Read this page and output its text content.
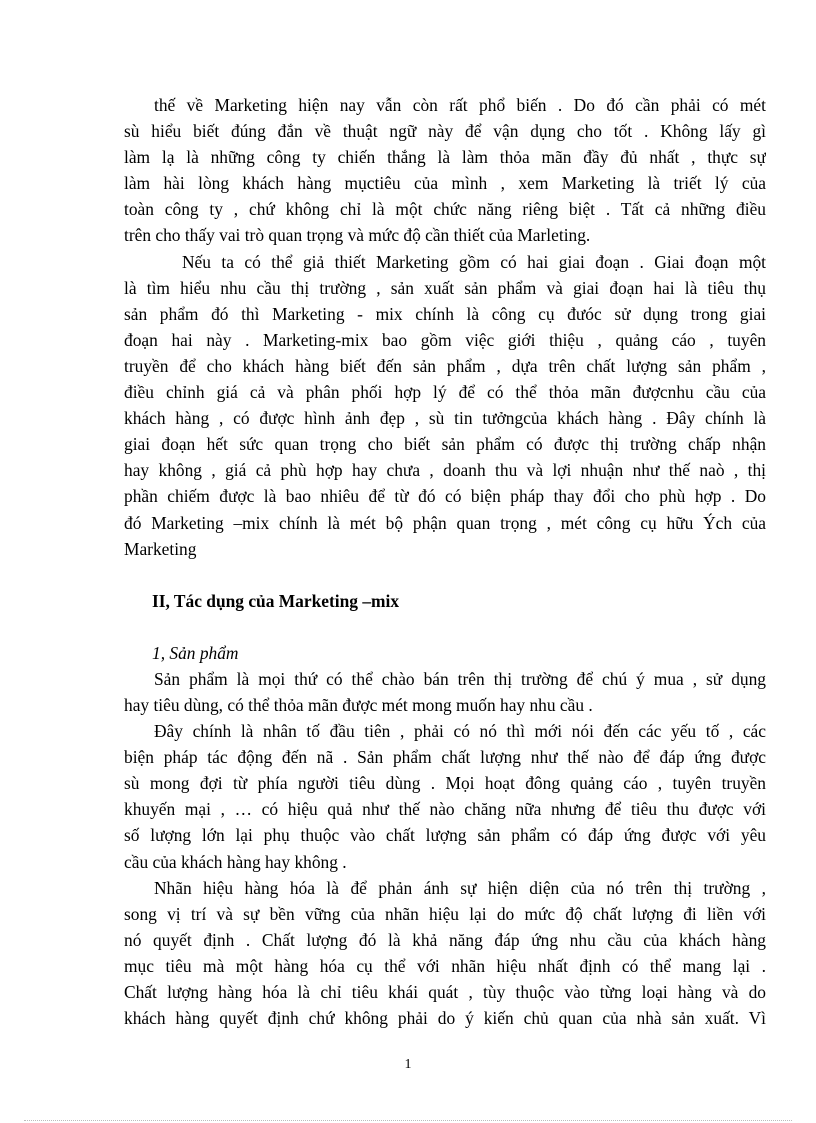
thế về Marketing hiện nay vẫn còn rất phổ biến . Do đó cần phải có mét
sù hiểu biết đúng đắn về thuật ngữ này để vận dụng cho tốt . Không lấy gì
làm lạ là những công ty chiến thắng là làm thỏa mãn đầy đủ nhất , thực sự
làm hài lòng khách hàng mụctiêu của mình , xem Marketing là triết lý của
toàn công ty , chứ không chỉ là một chức năng riêng biệt . Tất cả những điều
trên cho thấy vai trò quan trọng và mức độ cần thiết của Marleting.
Nếu ta có thể giả thiết Marketing gồm có hai giai đoạn . Giai đoạn một
là tìm hiểu nhu cầu thị trường , sản xuất sản phẩm và giai đoạn hai là tiêu thụ
sản phẩm đó thì Marketing - mix chính là công cụ đưóc sử dụng trong giai
đoạn hai này . Marketing-mix bao gồm việc giới thiệu , quảng cáo , tuyên
truyền để cho khách hàng biết đến sản phẩm , dựa trên chất lượng sản phẩm ,
điều chỉnh giá cả và phân phối hợp lý để có thể thỏa mãn đượcnhu cầu của
khách hàng , có được hình ảnh đẹp , sù tin tưởngcủa khách hàng . Đây chính là
giai đoạn hết sức quan trọng cho biết sản phẩm có được thị trường chấp nhận
hay không , giá cả phù hợp hay chưa , doanh thu và lợi nhuận như thế naò , thị
phần chiếm được là bao nhiêu để từ đó có biện pháp thay đổi cho phù hợp . Do
đó Marketing –mix chính là mét bộ phận quan trọng , mét công cụ hữu Ých của
Marketing
II, Tác dụng của Marketing –mix
1, Sản phẩm
Sản phẩm là mọi thứ có thể chào bán trên thị trường để chú ý mua , sử dụng
hay tiêu dùng, có thể thỏa mãn được mét mong muốn hay nhu cầu .
Đây chính là nhân tố đầu tiên , phải có nó thì mới nói đến các yếu tố , các
biện pháp tác động đến nã . Sản phẩm chất lượng như thế nào để đáp ứng được
sù mong đợi từ phía người tiêu dùng . Mọi hoạt đông quảng cáo , tuyên truyền
khuyến mại , … có hiệu quả như thế nào chăng nữa nhưng để tiêu thu được với
số lượng lớn lại phụ thuộc vào chất lượng sản phẩm có đáp ứng được với yêu
cầu của khách hàng hay không .
Nhãn hiệu hàng hóa là để phản ánh sự hiện diện của nó trên thị trường ,
song vị trí và sự bền vững của nhãn hiệu lại do mức độ chất lượng đi liền với
nó quyết định . Chất lượng đó là khả năng đáp ứng nhu cầu của khách hàng
mục tiêu mà một hàng hóa cụ thể với nhãn hiệu nhất định có thể mang lại .
Chất lượng hàng hóa là chỉ tiêu khái quát , tùy thuộc vào từng loại hàng và do
khách hàng quyết định chứ không phải do ý kiến chủ quan của nhà sản xuất. Vì
1
